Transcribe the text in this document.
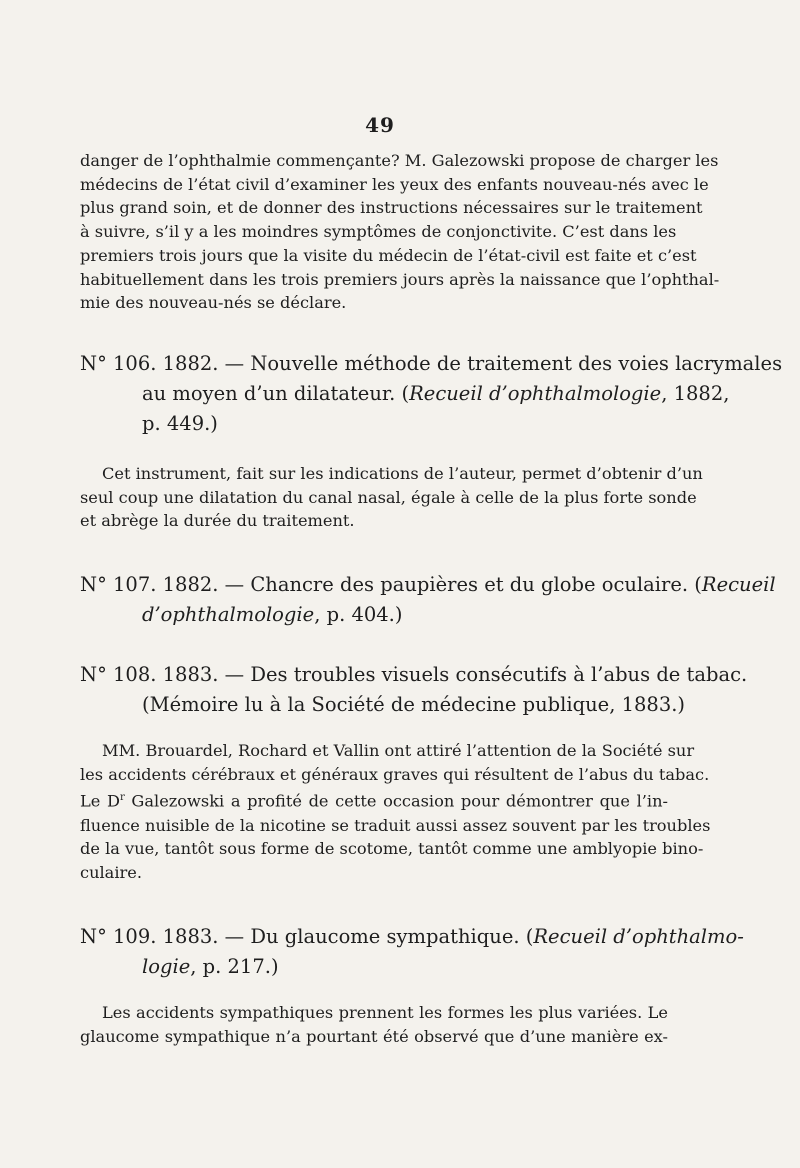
49
danger de l’ophthalmie commençante? M. Galezowski propose de charger les
médecins de l’état civil d’examiner les yeux des enfants nouveau-nés avec le
plus grand soin, et de donner des instructions nécessaires sur le traitement
à suivre, s’il y a les moindres symptômes de conjonctivite. C’est dans les
premiers trois jours que la visite du médecin de l’état-civil est faite et c’est
habituellement dans les trois premiers jours après la naissance que l’ophthal-
mie des nouveau-nés se déclare.
N° 106. 1882. — Nouvelle méthode de traitement des voies lacrymales
au moyen d’un dilatateur. (Recueil d’ophthalmologie, 1882,
p. 449.)
Cet instrument, fait sur les indications de l’auteur, permet d’obtenir d’un
seul coup une dilatation du canal nasal, égale à celle de la plus forte sonde
et abrège la durée du traitement.
N° 107. 1882. — Chancre des paupières et du globe oculaire. (Recueil
d’ophthalmologie, p. 404.)
N° 108. 1883. — Des troubles visuels consécutifs à l’abus de tabac.
(Mémoire lu à la Société de médecine publique, 1883.)
MM. Brouardel, Rochard et Vallin ont attiré l’attention de la Société sur
les accidents cérébraux et généraux graves qui résultent de l’abus du tabac.
Le $D^r$ Galezowski a profité de cette occasion pour démontrer que l’in-
fluence nuisible de la nicotine se traduit aussi assez souvent par les troubles
de la vue, tantôt sous forme de scotome, tantôt comme une amblyopie bino-
culaire.
N° 109. 1883. — Du glaucome sympathique. (Recueil d’ophthalmo-
logie, p. 217.)
Les accidents sympathiques prennent les formes les plus variées. Le
glaucome sympathique n’a pourtant été observé que d’une manière ex-
